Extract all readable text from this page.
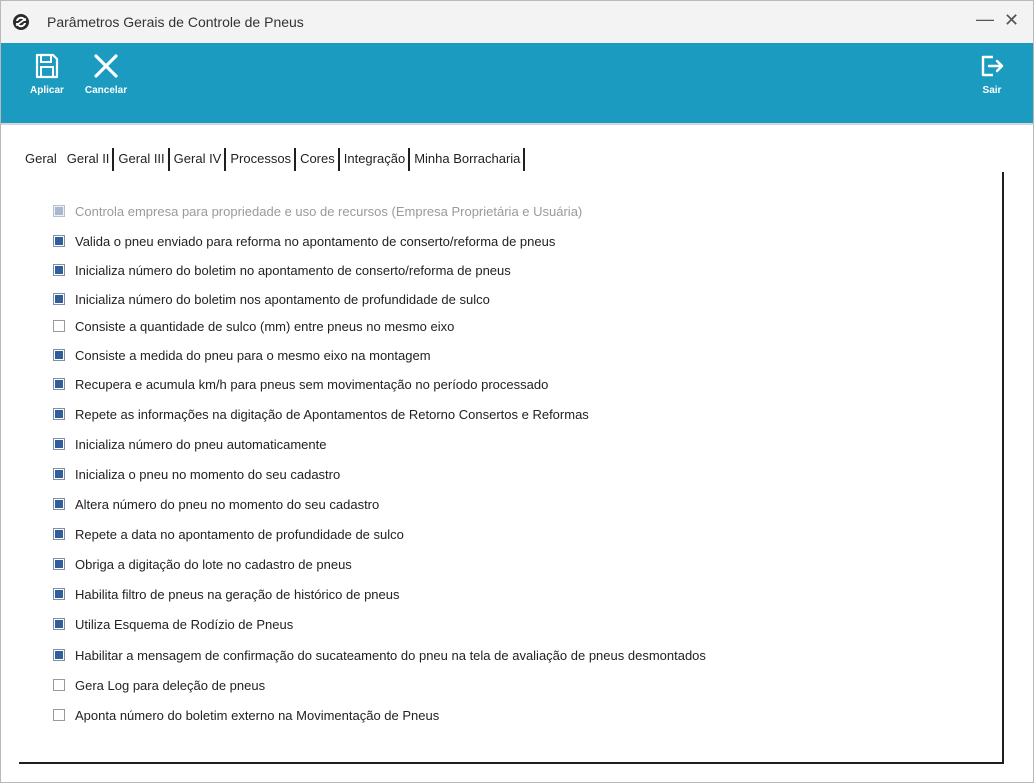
Parâmetros Gerais de Controle de Pneus	— ✕
Aplicar	Cancelar	Sair
Geral Geral II Geral III Geral IV Processos Cores Integração Minha Borracharia
Controla empresa para propriedade e uso de recursos (Empresa Proprietária e Usuária)
Valida o pneu enviado para reforma no apontamento de conserto/reforma de pneus
Inicializa número do boletim no apontamento de conserto/reforma de pneus
Inicializa número do boletim nos apontamento de profundidade de sulco
Consiste a quantidade de sulco (mm) entre pneus no mesmo eixo
Consiste a medida do pneu para o mesmo eixo na montagem
Recupera e acumula km/h para pneus sem movimentação no período processado
Repete as informações na digitação de Apontamentos de Retorno Consertos e Reformas
Inicializa número do pneu automaticamente
Inicializa o pneu no momento do seu cadastro
Altera número do pneu no momento do seu cadastro
Repete a data no apontamento de profundidade de sulco
Obriga a digitação do lote no cadastro de pneus
Habilita filtro de pneus na geração de histórico de pneus
Utiliza Esquema de Rodízio de Pneus
Habilitar a mensagem de confirmação do sucateamento do pneu na tela de avaliação de pneus desmontados
Gera Log para deleção de pneus
Aponta número do boletim externo na Movimentação de Pneus
